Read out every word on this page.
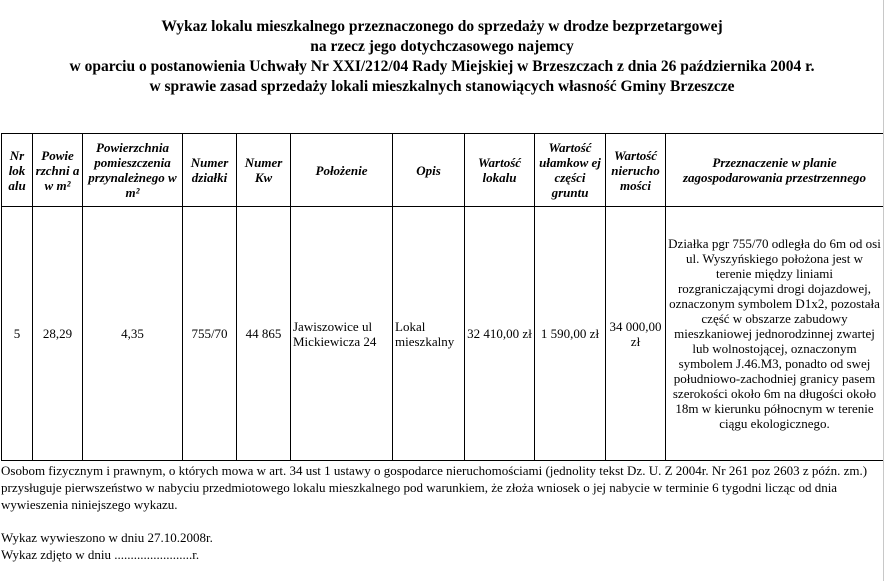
Wykaz lokalu mieszkalnego przeznaczonego do sprzedaży w drodze bezprzetargowej
na rzecz jego dotychczasowego najemcy
w oparciu o postanowienia Uchwały Nr XXI/212/04 Rady Miejskiej w Brzeszczach z dnia 26 października 2004 r.
w sprawie zasad sprzedaży lokali mieszkalnych stanowiących własność Gminy Brzeszcze
Nr lok alu	Powie rzchni a w m²	Powierzchnia pomieszczenia przynależnego w m²	Numer działki	Numer Kw	Położenie	Opis	Wartość lokalu	Wartość ułamkow ej części gruntu	Wartość nierucho mości	Przeznaczenie w planie zagospodarowania przestrzennego
5	28,29	4,35	755/70	44 865	Jawiszowice ul Mickiewicza 24	Lokal mieszkalny	32 410,00 zł	1 590,00 zł	34 000,00 zł	Działka pgr 755/70 odległa do 6m od osi ul. Wyszyńskiego położona jest w terenie między liniami rozgraniczającymi drogi dojazdowej, oznaczonym symbolem D1x2, pozostała część w obszarze zabudowy mieszkaniowej jednorodzinnej zwartej lub wolnostojącej, oznaczonym symbolem J.46.M3, ponadto od swej południowo-zachodniej granicy pasem szerokości około 6m na długości około 18m w kierunku północnym w terenie ciągu ekologicznego.
Osobom fizycznym i prawnym, o których mowa w art. 34 ust 1 ustawy o gospodarce nieruchomościami (jednolity tekst Dz. U. Z 2004r. Nr 261 poz 2603 z późn. zm.) przysługuje pierwszeństwo w nabyciu przedmiotowego lokalu mieszkalnego pod warunkiem, że złoża wniosek o jej nabycie w terminie 6 tygodni licząc od dnia wywieszenia niniejszego wykazu.
Wykaz wywieszono w dniu 27.10.2008r.
Wykaz zdjęto w dniu ........................r.
